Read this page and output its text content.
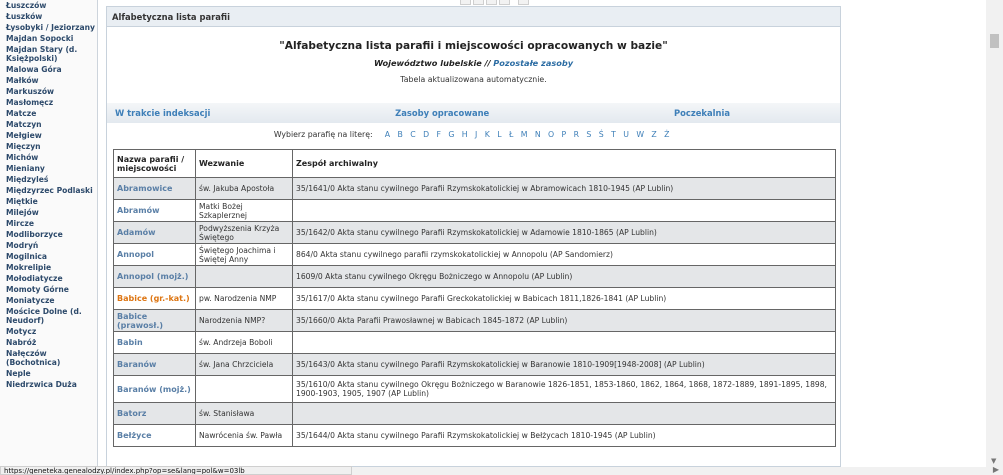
Łuszczów
Łuszków
Łysobyki / Jeziorzany
Majdan Sopocki
Majdan Stary (d. Księżpolski)
Malowa Góra
Małków
Markuszów
Masłomęcz
Matcze
Matczyn
Mełgiew
Mięczyn
Michów
Mieniany
Międzyleś
Międzyrzec Podlaski
Miętkie
Milejów
Mircze
Modliborzyce
Modryń
Mogilnica
Mokrelipie
Mołodiatycze
Momoty Górne
Moniatycze
Mościce Dolne (d. Neudorf)
Motycz
Nabróż
Nałęczów (Bochotnica)
Neple
Niedrzwica Duża
Alfabetyczna lista parafii
"Alfabetyczna lista parafii i miejscowości opracowanych w bazie"
Województwo lubelskie // Pozostałe zasoby
Tabela aktualizowana automatycznie.
W trakcie indeksacji	Zasoby opracowane	Poczekalnia
Wybierz parafię na literę: A B C D F G H J K L Ł M N O P R S Ś T U W Z Ż
Nazwa parafii / miejscowości	Wezwanie	Zespół archiwalny
Abramowice	św. Jakuba Apostoła	35/1641/0 Akta stanu cywilnego Parafii Rzymskokatolickiej w Abramowicach 1810-1945 (AP Lublin)
Abramów	Matki Bożej Szkaplerznej	
Adamów	Podwyższenia Krzyża Świętego	35/1642/0 Akta stanu cywilnego Parafii Rzymskokatolickiej w Adamowie 1810-1865 (AP Lublin)
Annopol	Świętego Joachima i Świętej Anny	864/0 Akta stanu cywilnego parafii rzymskokatolickiej w Annopolu (AP Sandomierz)
Annopol (mojż.)		1609/0 Akta stanu cywilnego Okręgu Bożniczego w Annopolu (AP Lublin)
Babice (gr.-kat.)	pw. Narodzenia NMP	35/1617/0 Akta stanu cywilnego Parafii Greckokatolickiej w Babicach 1811,1826-1841 (AP Lublin)
Babice (prawosł.)	Narodzenia NMP?	35/1660/0 Akta Parafii Prawosławnej w Babicach 1845-1872 (AP Lublin)
Babin	św. Andrzeja Boboli	
Baranów	św. Jana Chrzciciela	35/1643/0 Akta stanu cywilnego Parafii Rzymskokatolickiej w Baranowie 1810-1909[1948-2008] (AP Lublin)
Baranów (mojż.)		35/1610/0 Akta stanu cywilnego Okręgu Bożniczego w Baranowie 1826-1851, 1853-1860, 1862, 1864, 1868, 1872-1889, 1891-1895, 1898, 1900-1903, 1905, 1907 (AP Lublin)
Batorz	św. Stanisława	
Bełżyce	Nawrócenia św. Pawła	35/1644/0 Akta stanu cywilnego Parafii Rzymskokatolickiej w Bełżycach 1810-1945 (AP Lublin)
▼
▶
https://geneteka.genealodzy.pl/index.php?op=se&lang=pol&w=03lb
